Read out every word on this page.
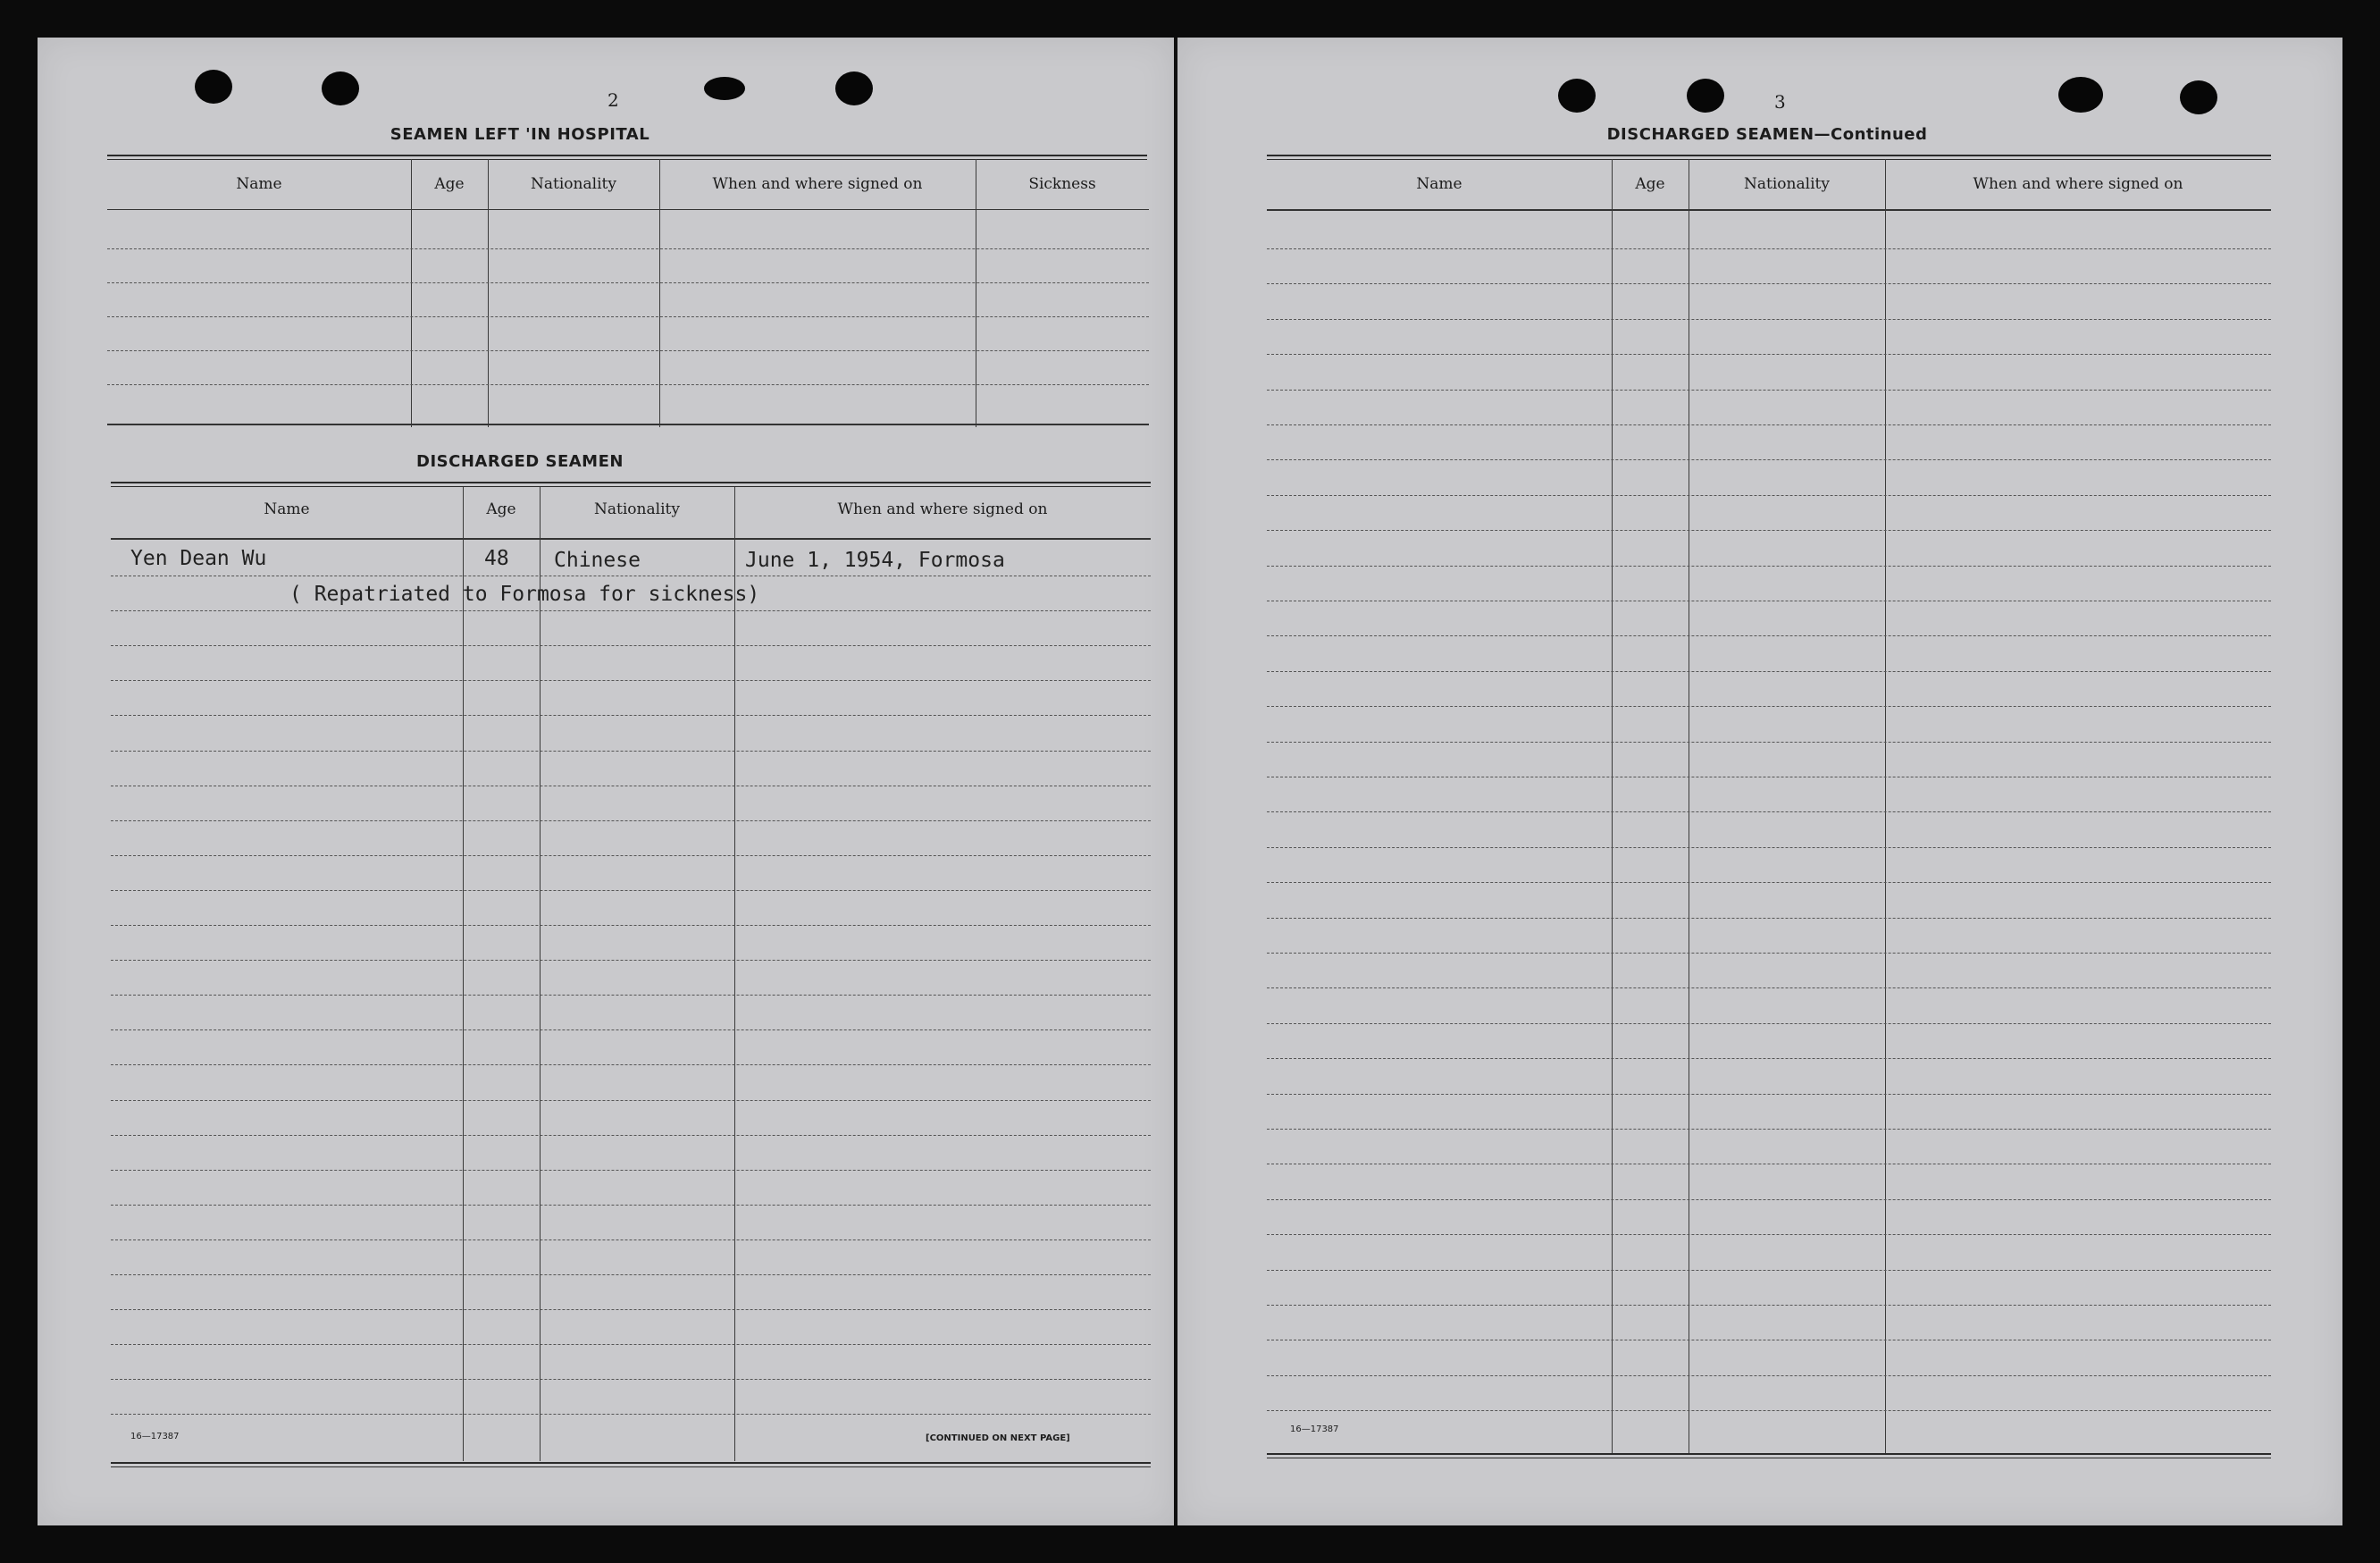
2
SEAMEN LEFT 'IN HOSPITAL
Name	Age	Nationality	When and where signed on	Sickness
DISCHARGED SEAMEN
Name	Age	Nationality	When and where signed on
Yen Dean Wu	48 Chinese	June 1, 1954, Formosa
( Repatriated to Formosa for sickness)
16—17387	[CONTINUED ON NEXT PAGE]
3
DISCHARGED SEAMEN—Continued
Name	Age	Nationality	When and where signed on
16—17387
